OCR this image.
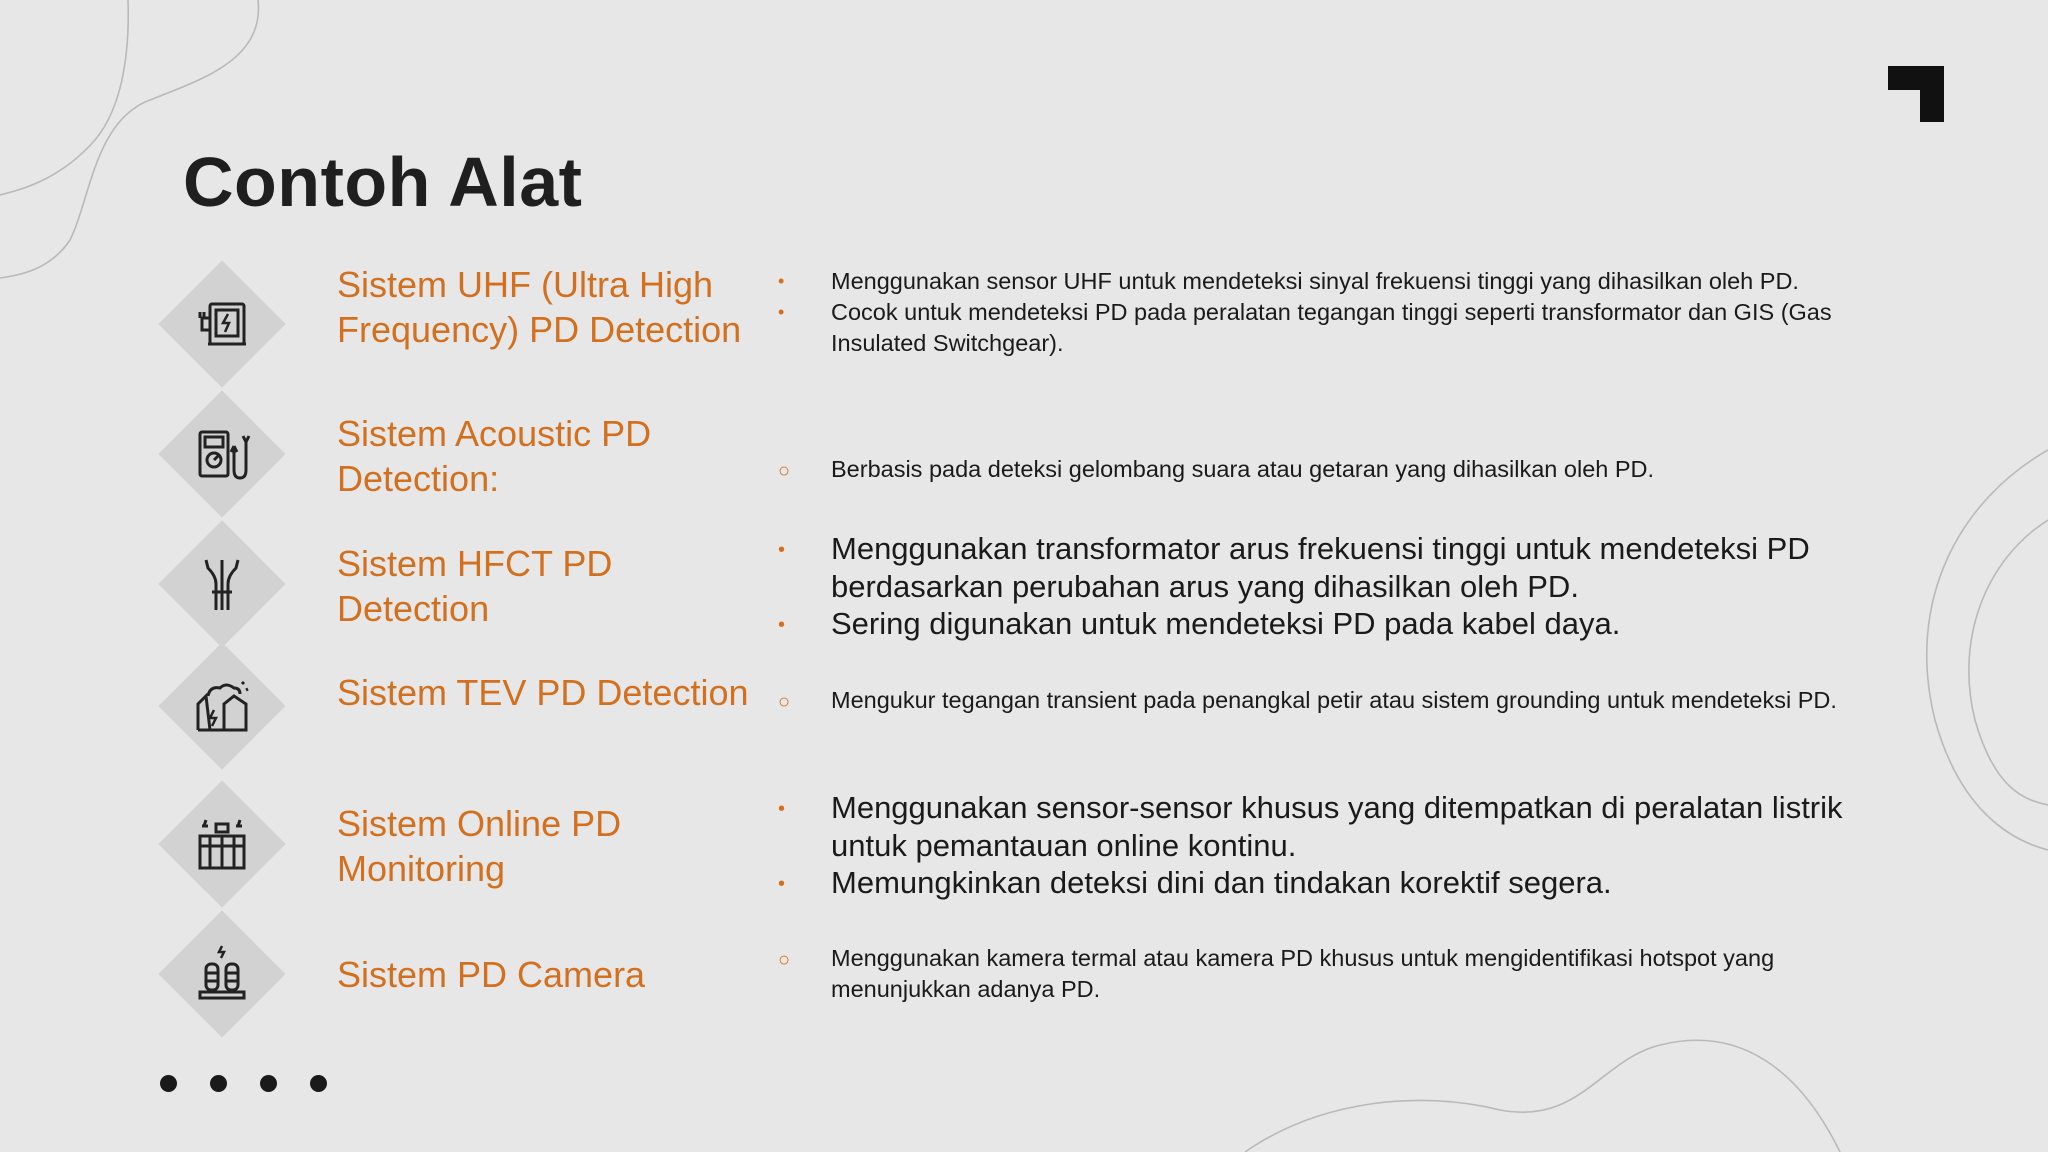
Contoh Alat
Sistem UHF (Ultra High Frequency) PD Detection
• Menggunakan sensor UHF untuk mendeteksi sinyal frekuensi tinggi yang dihasilkan oleh PD.
• Cocok untuk mendeteksi PD pada peralatan tegangan tinggi seperti transformator dan GIS (Gas Insulated Switchgear).
Sistem Acoustic PD Detection:	○ Berbasis pada deteksi gelombang suara atau getaran yang dihasilkan oleh PD.
Sistem HFCT PD Detection
• Menggunakan transformator arus frekuensi tinggi untuk mendeteksi PD berdasarkan perubahan arus yang dihasilkan oleh PD.
• Sering digunakan untuk mendeteksi PD pada kabel daya.
Sistem TEV PD Detection	○ Mengukur tegangan transient pada penangkal petir atau sistem grounding untuk mendeteksi PD.
Sistem Online PD Monitoring
• Menggunakan sensor-sensor khusus yang ditempatkan di peralatan listrik untuk pemantauan online kontinu.
• Memungkinkan deteksi dini dan tindakan korektif segera.
Sistem PD Camera	○ Menggunakan kamera termal atau kamera PD khusus untuk mengidentifikasi hotspot yang menunjukkan adanya PD.
